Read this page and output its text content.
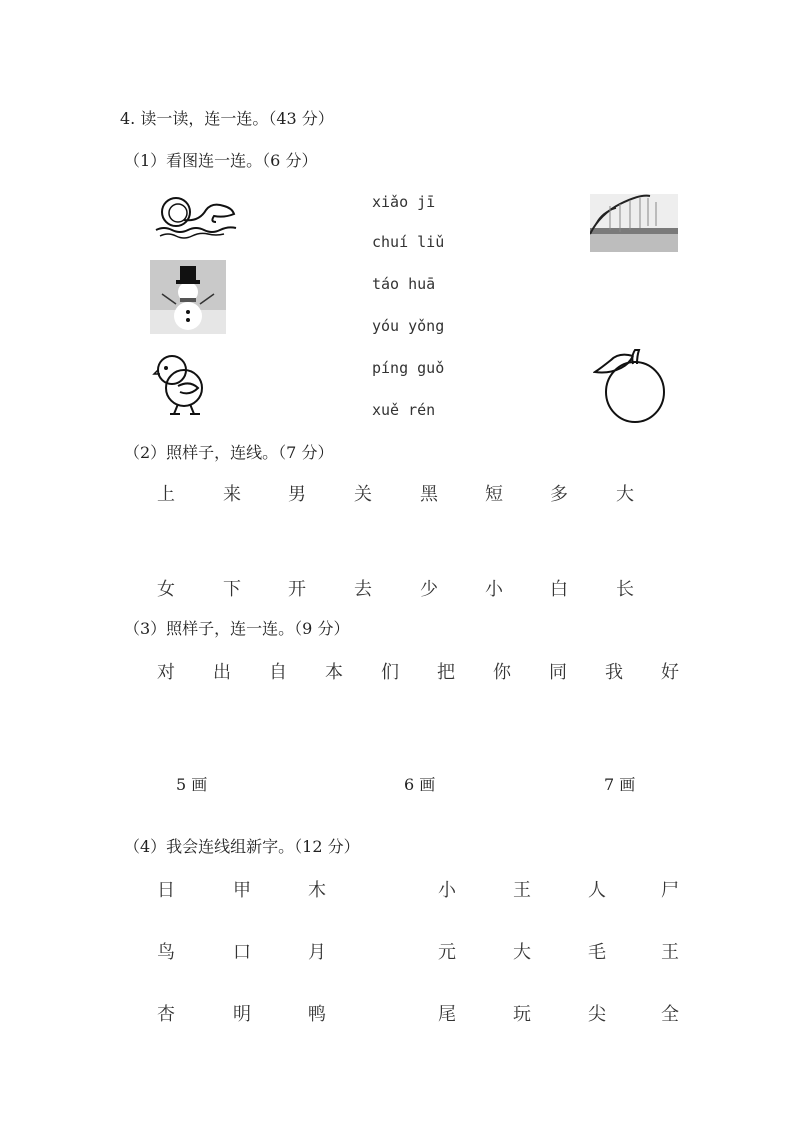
4. 读一读，连一连。（43 分）
（1）看图连一连。（6 分）
xiǎo jī
chuí liǔ
táo huā
yóu yǒng
píng guǒ
xuě rén
（2）照样子，连线。（7 分）
上	来	男	关	黑	短	多	大
女	下	开	去	少	小	白	长
（3）照样子，连一连。（9 分）
对 出 自 本 们 把 你 同 我 好
5 画	6 画	7 画
（4）我会连线组新字。（12 分）
日	甲	木
鸟	口	月
杏	明	鸭
小	王	人	尸
元	大	毛	王
尾	玩	尖	全
